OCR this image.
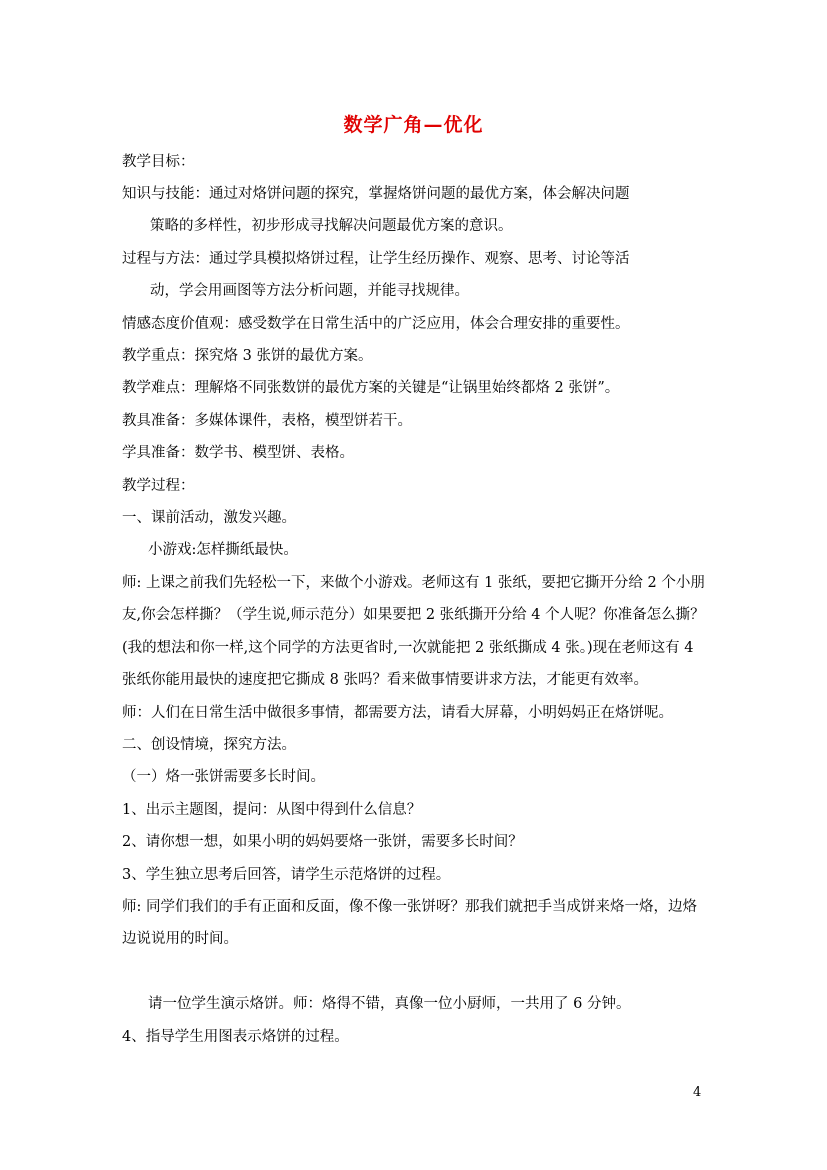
数学广角—优化
教学目标：
知识与技能：通过对烙饼问题的探究，掌握烙饼问题的最优方案，体会解决问题
策略的多样性，初步形成寻找解决问题最优方案的意识。
过程与方法：通过学具模拟烙饼过程，让学生经历操作、观察、思考、讨论等活
动，学会用画图等方法分析问题，并能寻找规律。
情感态度价值观：感受数学在日常生活中的广泛应用，体会合理安排的重要性。
教学重点：探究烙 3 张饼的最优方案。
教学难点：理解烙不同张数饼的最优方案的关键是“让锅里始终都烙 2 张饼”。
教具准备：多媒体课件，表格，模型饼若干。
学具准备：数学书、模型饼、表格。
教学过程：
一、课前活动，激发兴趣。
小游戏:怎样撕纸最快。
师: 上课之前我们先轻松一下，来做个小游戏。老师这有 1 张纸，要把它撕开分给 2 个小朋
友,你会怎样撕？（学生说,师示范分）如果要把 2 张纸撕开分给 4 个人呢？你准备怎么撕？
(我的想法和你一样,这个同学的方法更省时,一次就能把 2 张纸撕成 4 张。)现在老师这有 4
张纸你能用最快的速度把它撕成 8 张吗？看来做事情要讲求方法，才能更有效率。
师：人们在日常生活中做很多事情，都需要方法，请看大屏幕，小明妈妈正在烙饼呢。
二、创设情境，探究方法。
（一）烙一张饼需要多长时间。
1、出示主题图，提问：从图中得到什么信息？
2、请你想一想，如果小明的妈妈要烙一张饼，需要多长时间？
3、学生独立思考后回答，请学生示范烙饼的过程。
师: 同学们我们的手有正面和反面，像不像一张饼呀？那我们就把手当成饼来烙一烙，边烙
边说说用的时间。
请一位学生演示烙饼。师：烙得不错，真像一位小厨师，一共用了 6 分钟。
4、指导学生用图表示烙饼的过程。
4
